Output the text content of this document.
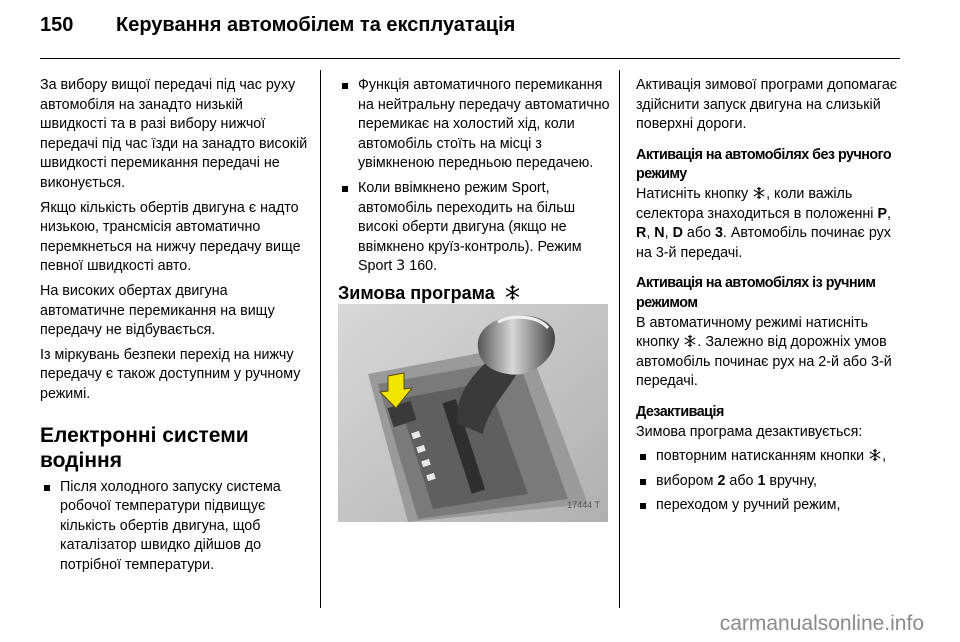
150 Керування автомобілем та експлуатація

За вибору вищої передачі під час руху автомобіля на занадто низькій швидкості та в разі вибору нижчої передачі під час їзди на занадто високій швидкості перемикання передачі не виконується.

Якщо кількість обертів двигуна є надто низькою, трансмісія автоматично перемкнеться на нижчу передачу вище певної швидкості авто.

На високих обертах двигуна автоматичне перемикання на вищу передачу не відбувається.

Із міркувань безпеки перехід на нижчу передачу є також доступним у ручному режимі.

Електронні системи водіння

Після холодного запуску система робочої температури підвищує кількість обертів двигуна, щоб каталізатор швидко дійшов до потрібної температури.

Функція автоматичного перемикання на нейтральну передачу автоматично перемикає на холостий хід, коли автомобіль стоїть на місці з увімкненою передньою передачею.

Коли ввімкнено режим Sport, автомобіль переходить на більш високі оберти двигуна (якщо не ввімкнено круїз-контроль). Режим Sport 3 160.

Зимова програма

17444 T

Активація зимової програми допомагає здійснити запуск двигуна на слизькій поверхні дороги.

Активація на автомобілях без ручного режиму

Натисніть кнопку , коли важіль селектора знаходиться в положенні P, R, N, D або 3. Автомобіль починає рух на 3-й передачі.

Активація на автомобілях із ручним режимом

В автоматичному режимі натисніть кнопку . Залежно від дорожніх умов автомобіль починає рух на 2-й або 3-й передачі.

Дезактивація

Зимова програма дезактивується:

повторним натисканням кнопки ,

вибором 2 або 1 вручну,

переходом у ручний режим,

carmanualsonline.info
